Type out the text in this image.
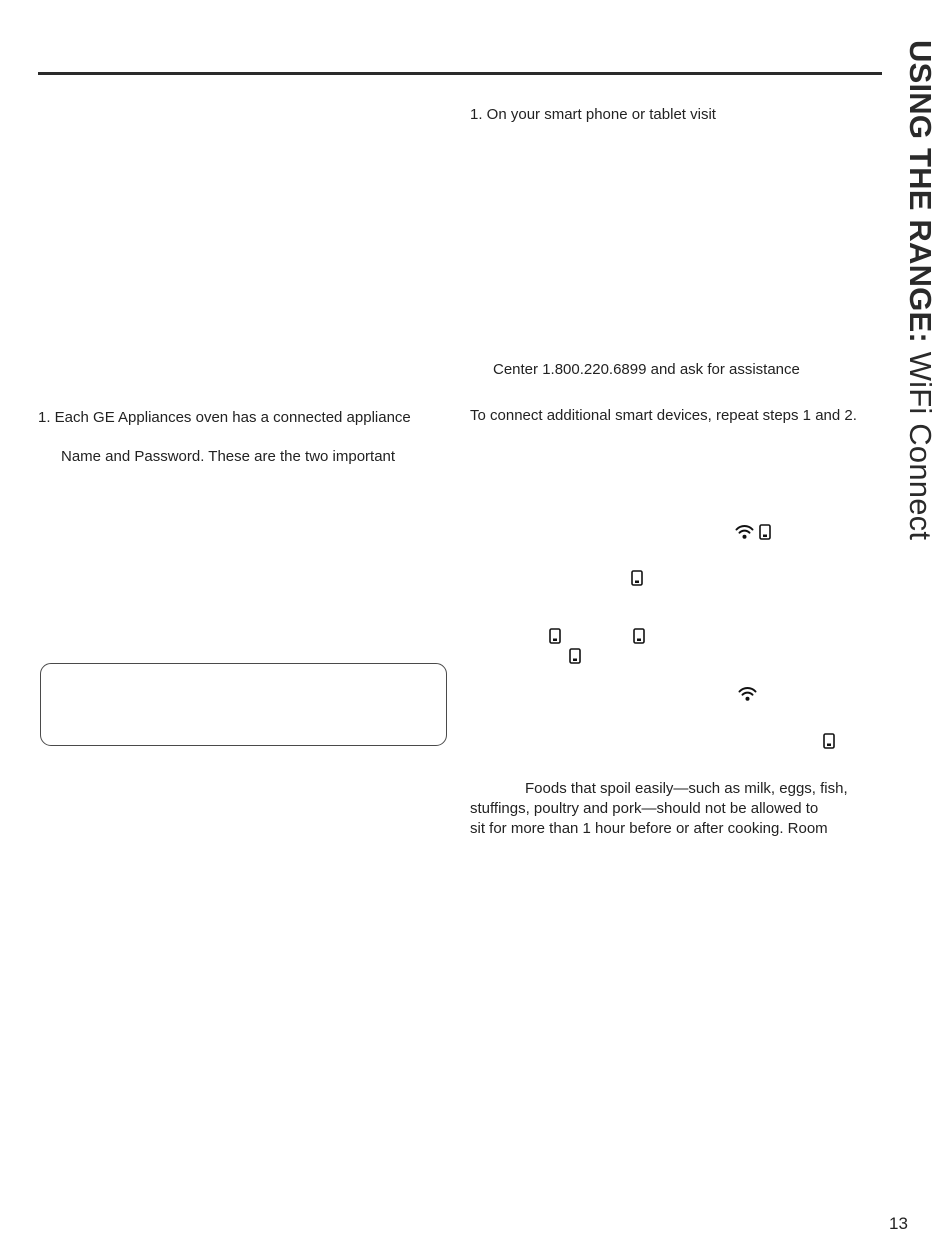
USING THE RANGE: WiFi Connect
1. Each GE Appliances oven has a connected appliance
Name and Password. These are the two important
1. On your smart phone or tablet visit
Center 1.800.220.6899 and ask for assistance
To connect additional smart devices, repeat steps 1 and 2.
Foods that spoil easily—such as milk, eggs, fish,
stuffings, poultry and pork—should not be allowed to
sit for more than 1 hour before or after cooking. Room
13
